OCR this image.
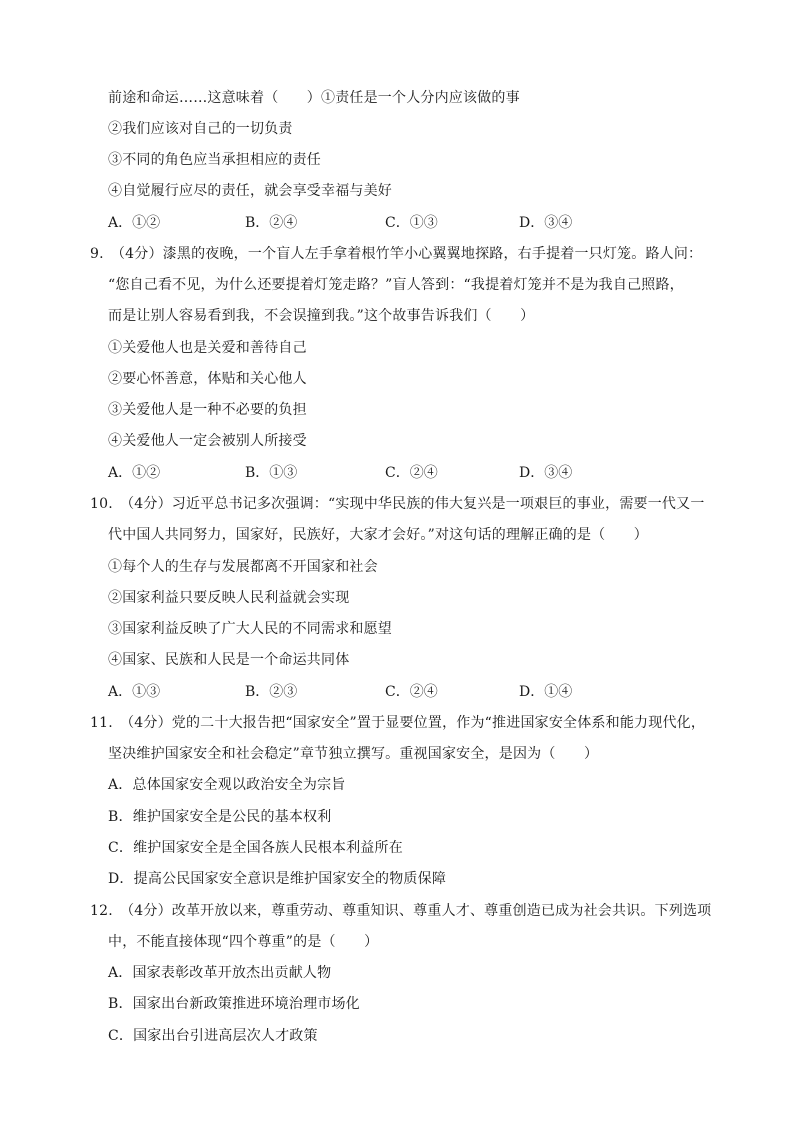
前途和命运……这意味着（　　）①责任是一个人分内应该做的事
②我们应该对自己的一切负责
③不同的角色应当承担相应的责任
④自觉履行应尽的责任，就会享受幸福与美好
A．①②	B．②④	C．①③	D．③④
9.　（4分）漆黑的夜晚，一个盲人左手拿着根竹竿小心翼翼地探路，右手提着一只灯笼。路人问：
“您自己看不见，为什么还要提着灯笼走路？”盲人答到：“我提着灯笼并不是为我自己照路，
而是让别人容易看到我，不会误撞到我。”这个故事告诉我们（　　）
①关爱他人也是关爱和善待自己
②要心怀善意，体贴和关心他人
③关爱他人是一种不必要的负担
④关爱他人一定会被别人所接受
A．①②	B．①③	C．②④	D．③④
10.　（4分）习近平总书记多次强调：“实现中华民族的伟大复兴是一项艰巨的事业，需要一代又一
代中国人共同努力，国家好，民族好，大家才会好。”对这句话的理解正确的是（　　）
①每个人的生存与发展都离不开国家和社会
②国家利益只要反映人民利益就会实现
③国家利益反映了广大人民的不同需求和愿望
④国家、民族和人民是一个命运共同体
A．①③	B．②③	C．②④	D．①④
11.　（4分）党的二十大报告把“国家安全”置于显要位置，作为“推进国家安全体系和能力现代化，
坚决维护国家安全和社会稳定”章节独立撰写。重视国家安全，是因为（　　）
A．总体国家安全观以政治安全为宗旨
B．维护国家安全是公民的基本权利
C．维护国家安全是全国各族人民根本利益所在
D．提高公民国家安全意识是维护国家安全的物质保障
12.　（4分）改革开放以来，尊重劳动、尊重知识、尊重人才、尊重创造已成为社会共识。下列选项
中，不能直接体现“四个尊重”的是（　　）
A．国家表彰改革开放杰出贡献人物
B．国家出台新政策推进环境治理市场化
C．国家出台引进高层次人才政策
